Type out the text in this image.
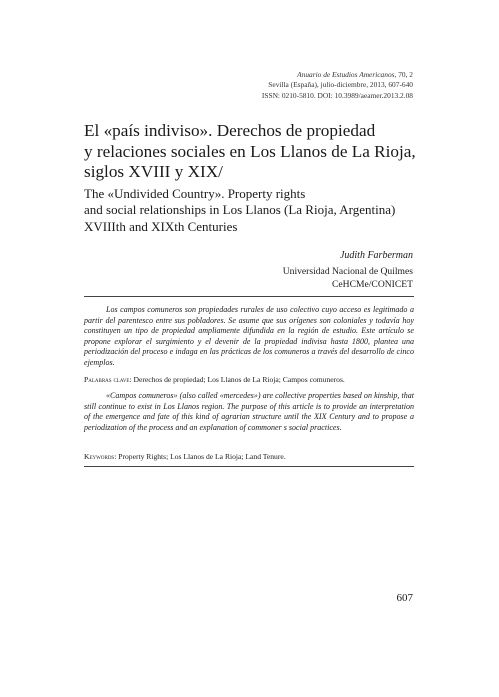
Anuario de Estudios Americanos, 70, 2
Sevilla (España), julio-diciembre, 2013, 607-640
ISSN: 0210-5810. DOI: 10.3989/aeamer.2013.2.08
El «país indiviso». Derechos de propiedad
y relaciones sociales en Los Llanos de La Rioja,
siglos XVIII y XIX/
The «Undivided Country». Property rights
and social relationships in Los Llanos (La Rioja, Argentina)
XVIIIth and XIXth Centuries
Judith Farberman
Universidad Nacional de Quilmes
CeHCMe/CONICET

Los campos comuneros son propiedades rurales de uso colectivo cuyo acceso es legitimado a partir del parentesco entre sus pobladores. Se asume que sus orígenes son coloniales y todavía hoy constituyen un tipo de propiedad ampliamente difundida en la región de estudio. Este artículo se propone explorar el surgimiento y el devenir de la propiedad indivisa hasta 1800, plantea una periodización del proceso e indaga en las prácticas de los comuneros a través del desarrollo de cinco ejemplos.

Palabras clave: Derechos de propiedad; Los Llanos de La Rioja; Campos comuneros.

«Campos comuneros» (also called «mercedes») are collective properties based on kinship, that still continue to exist in Los Llanos region. The purpose of this article is to provide an interpretation of the emergence and fate of this kind of agrarian structure until the XIX Century and to propose a periodization of the process and an explanation of commoner s social practices.

Keywords: Property Rights; Los Llanos de La Rioja; Land Tenure.

607
